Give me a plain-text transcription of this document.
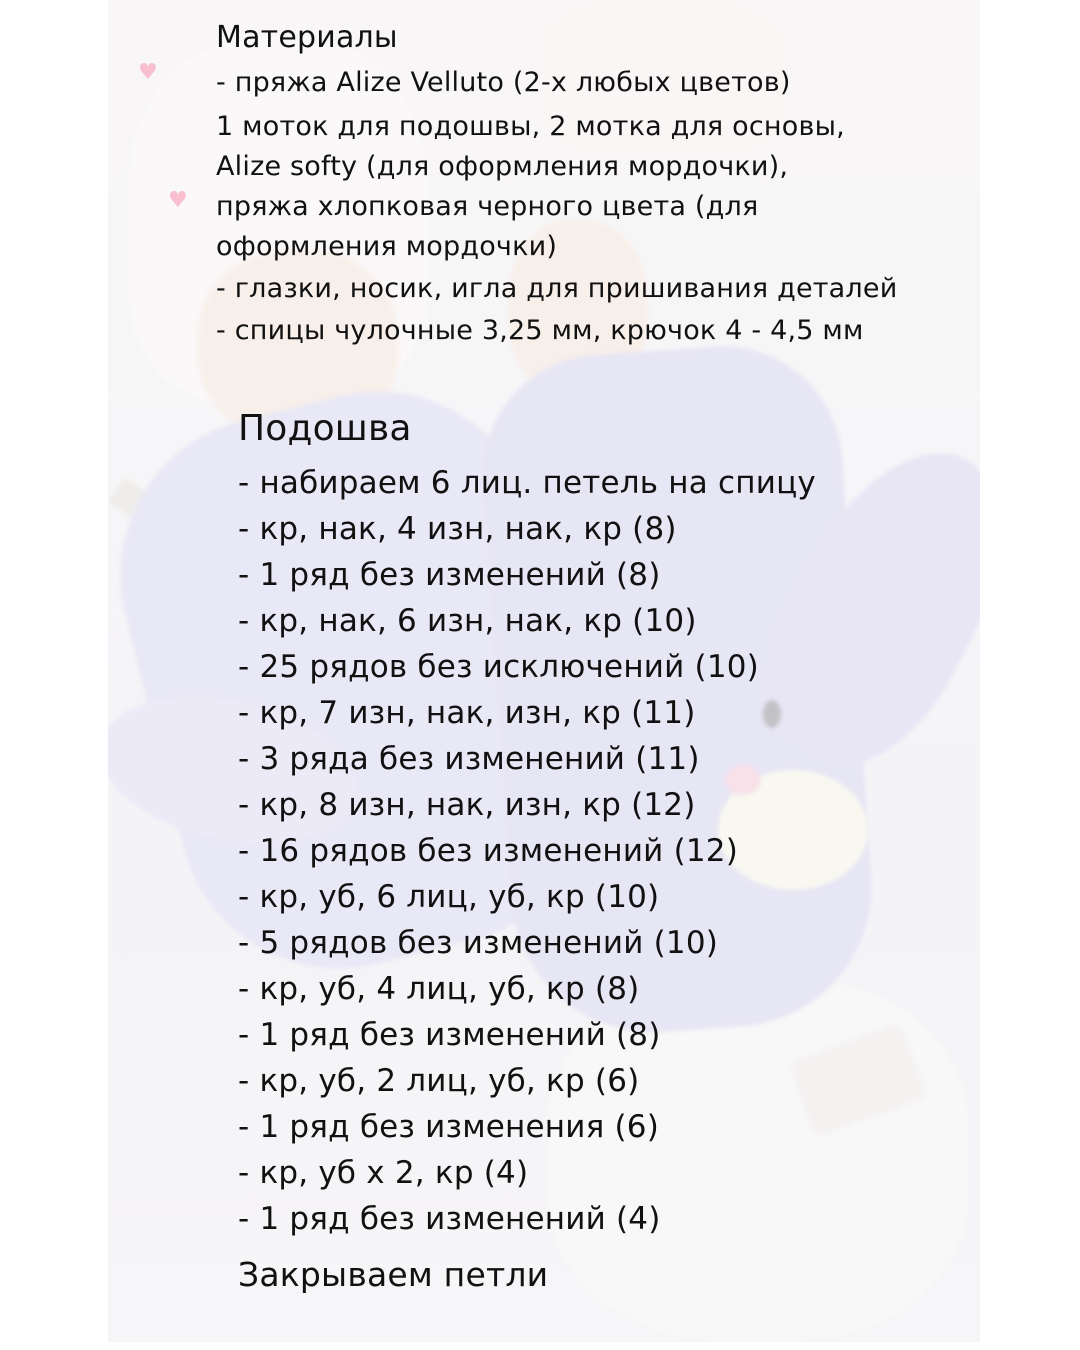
♥
♥
Материалы
- пряжа Alize Velluto (2-х любых цветов)
1 моток для подошвы, 2 мотка для основы,
Alize softy (для оформления мордочки),
пряжа хлопковая черного цвета (для
оформления мордочки)
- глазки, носик, игла для пришивания деталей
- спицы чулочные 3,25 мм, крючок 4 - 4,5 мм
Подошва
- набираем 6 лиц. петель на спицу
- кр, нак, 4 изн, нак, кр (8)
- 1 ряд без изменений (8)
- кр, нак, 6 изн, нак, кр (10)
- 25 рядов без исключений (10)
- кр, 7 изн, нак, изн, кр (11)
- 3 ряда без изменений (11)
- кр, 8 изн, нак, изн, кр (12)
- 16 рядов без изменений (12)
- кр, уб, 6 лиц, уб, кр (10)
- 5 рядов без изменений (10)
- кр, уб, 4 лиц, уб, кр (8)
- 1 ряд без изменений (8)
- кр, уб, 2 лиц, уб, кр (6)
- 1 ряд без изменения (6)
- кр, уб x 2, кр (4)
- 1 ряд без изменений (4)
Закрываем петли
